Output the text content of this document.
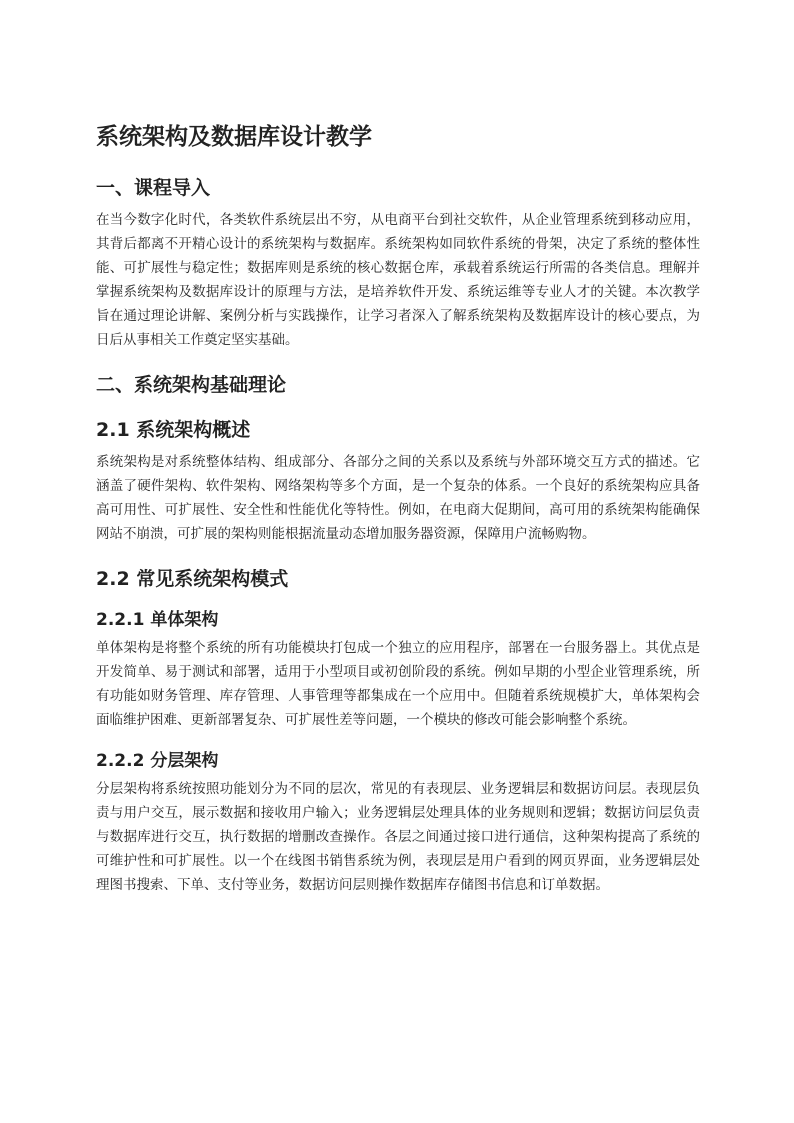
系统架构及数据库设计教学
一、课程导入

在当今数字化时代，各类软件系统层出不穷，从电商平台到社交软件，从企业管理系统到移动应用，其背后都离不开精心设计的系统架构与数据库。系统架构如同软件系统的骨架，决定了系统的整体性能、可扩展性与稳定性；数据库则是系统的核心数据仓库，承载着系统运行所需的各类信息。理解并掌握系统架构及数据库设计的原理与方法，是培养软件开发、系统运维等专业人才的关键。本次教学旨在通过理论讲解、案例分析与实践操作，让学习者深入了解系统架构及数据库设计的核心要点，为日后从事相关工作奠定坚实基础。

二、系统架构基础理论
2.1 系统架构概述

系统架构是对系统整体结构、组成部分、各部分之间的关系以及系统与外部环境交互方式的描述。它涵盖了硬件架构、软件架构、网络架构等多个方面，是一个复杂的体系。一个良好的系统架构应具备高可用性、可扩展性、安全性和性能优化等特性。例如，在电商大促期间，高可用的系统架构能确保网站不崩溃，可扩展的架构则能根据流量动态增加服务器资源，保障用户流畅购物。

2.2 常见系统架构模式
2.2.1 单体架构

单体架构是将整个系统的所有功能模块打包成一个独立的应用程序，部署在一台服务器上。其优点是开发简单、易于测试和部署，适用于小型项目或初创阶段的系统。例如早期的小型企业管理系统，所有功能如财务管理、库存管理、人事管理等都集成在一个应用中。但随着系统规模扩大，单体架构会面临维护困难、更新部署复杂、可扩展性差等问题，一个模块的修改可能会影响整个系统。

2.2.2 分层架构

分层架构将系统按照功能划分为不同的层次，常见的有表现层、业务逻辑层和数据访问层。表现层负责与用户交互，展示数据和接收用户输入；业务逻辑层处理具体的业务规则和逻辑；数据访问层负责与数据库进行交互，执行数据的增删改查操作。各层之间通过接口进行通信，这种架构提高了系统的可维护性和可扩展性。以一个在线图书销售系统为例，表现层是用户看到的网页界面，业务逻辑层处理图书搜索、下单、支付等业务，数据访问层则操作数据库存储图书信息和订单数据。
